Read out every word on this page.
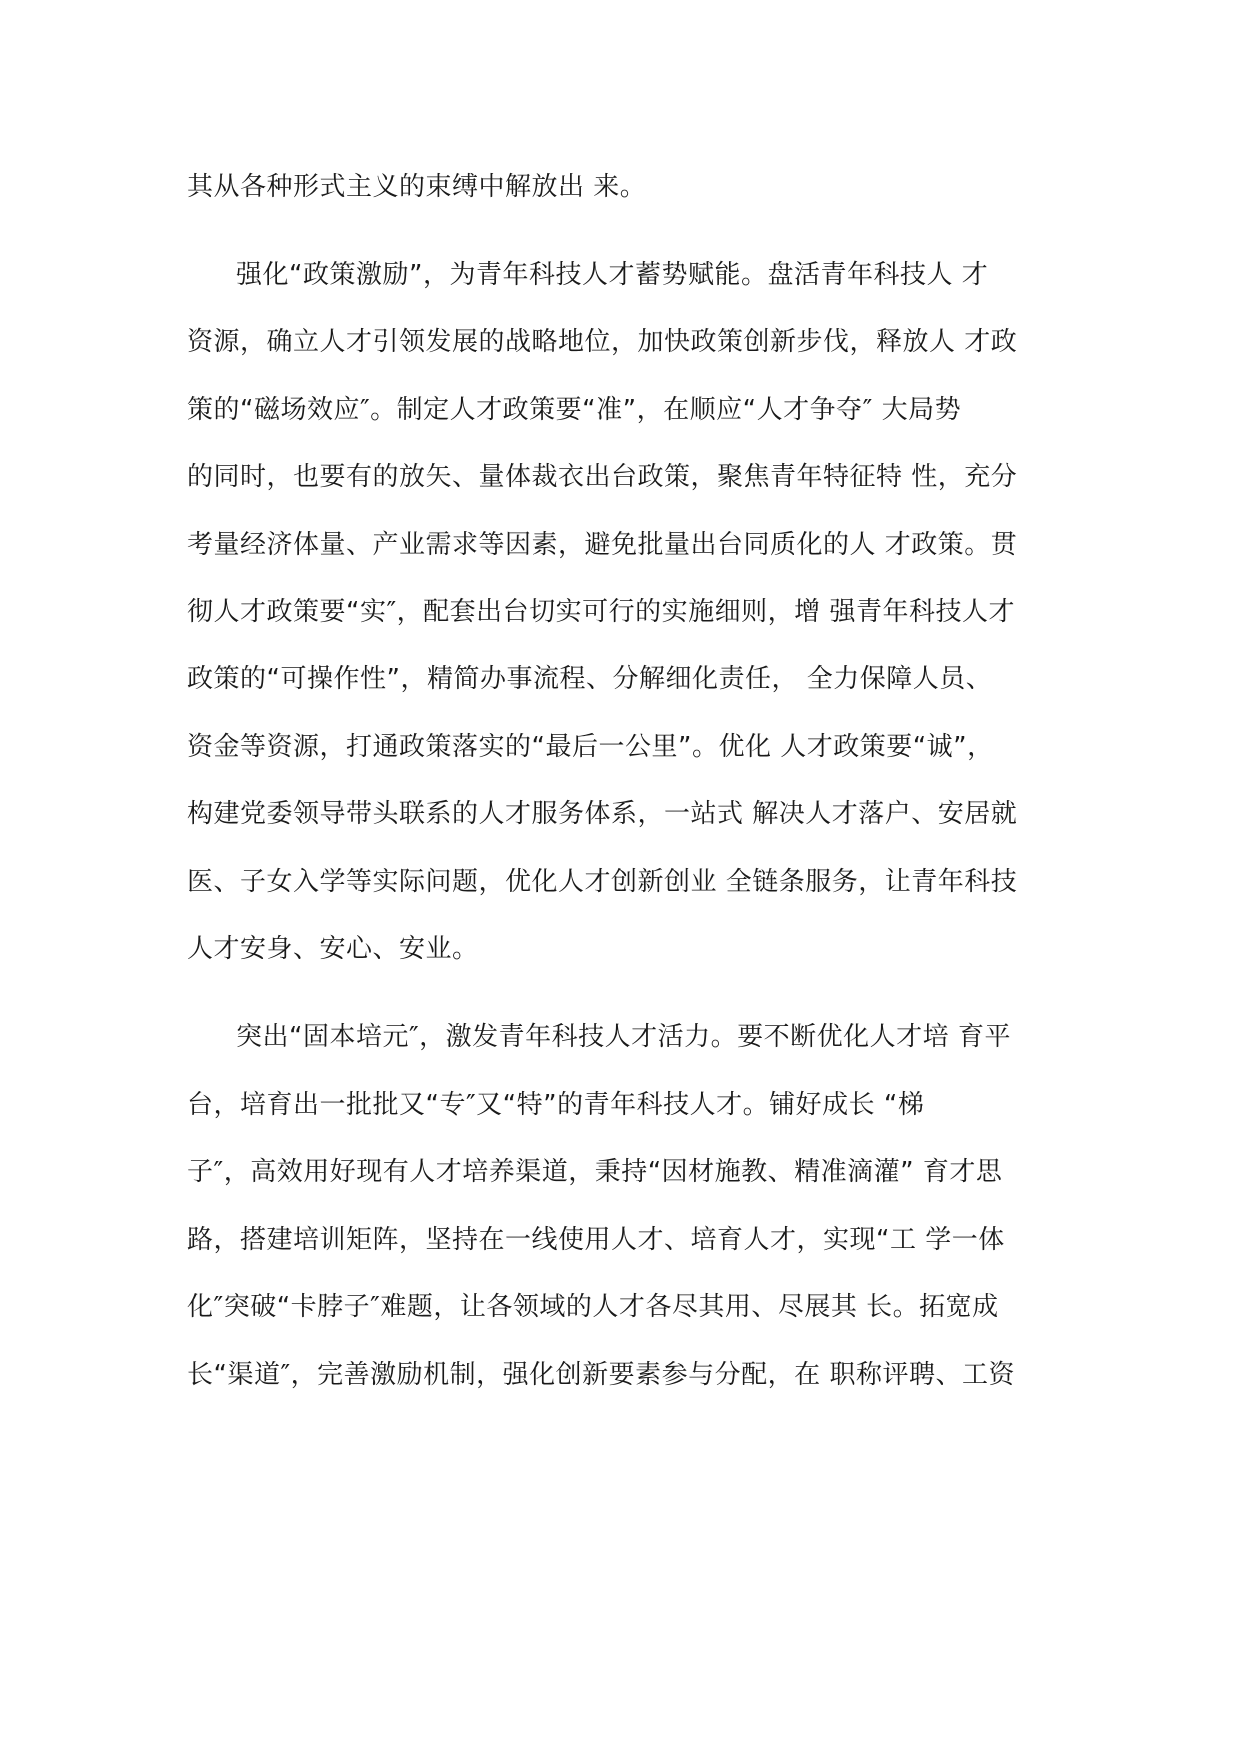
其从各种形式主义的束缚中解放出 来。
强化“政策激励”，为青年科技人才蓄势赋能。盘活青年科技人 才
资源，确立人才引领发展的战略地位，加快政策创新步伐，释放人 才政
策的“磁场效应″。制定人才政策要“准”，在顺应“人才争夺″ 大局势
的同时，也要有的放矢、量体裁衣出台政策，聚焦青年特征特 性，充分
考量经济体量、产业需求等因素，避免批量出台同质化的人 才政策。贯
彻人才政策要“实″，配套出台切实可行的实施细则，增 强青年科技人才
政策的“可操作性”，精简办事流程、分解细化责任， 全力保障人员、
资金等资源，打通政策落实的“最后一公里”。优化 人才政策要“诚”，
构建党委领导带头联系的人才服务体系，一站式 解决人才落户、安居就
医、子女入学等实际问题，优化人才创新创业 全链条服务，让青年科技
人才安身、安心、安业。
突出“固本培元″，激发青年科技人才活力。要不断优化人才培 育平
台，培育出一批批又“专″又“特”的青年科技人才。铺好成长 “梯
子″，高效用好现有人才培养渠道，秉持“因材施教、精准滴灌” 育才思
路，搭建培训矩阵，坚持在一线使用人才、培育人才，实现“工 学一体
化″突破“卡脖子″难题，让各领域的人才各尽其用、尽展其 长。拓宽成
长“渠道″，完善激励机制，强化创新要素参与分配，在 职称评聘、工资
